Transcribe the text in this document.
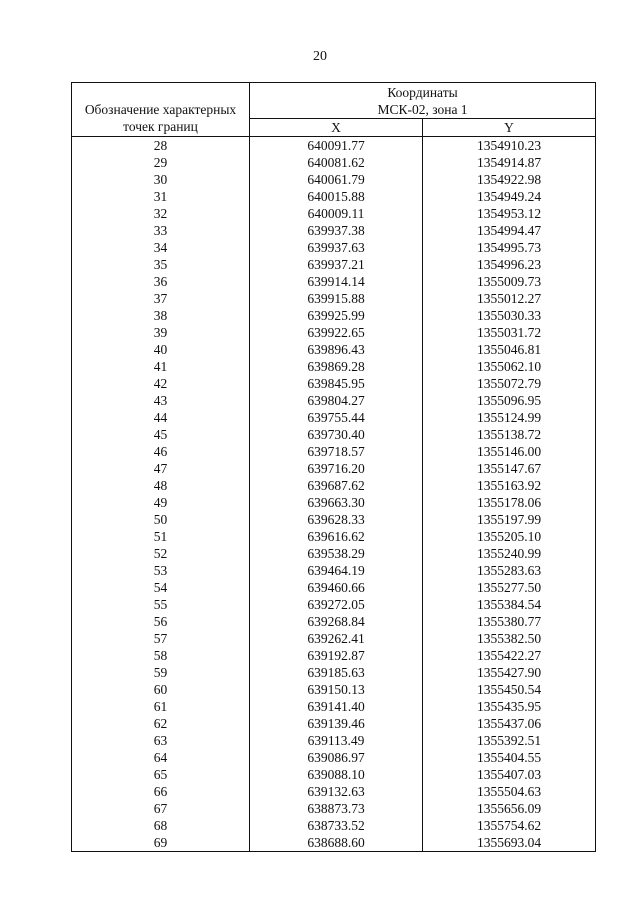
20
Обозначение характерных точек границ	Координаты
МСК-02, зона 1	

	X	Y
28	640091.77	1354910.23
29	640081.62	1354914.87
30	640061.79	1354922.98
31	640015.88	1354949.24
32	640009.11	1354953.12
33	639937.38	1354994.47
34	639937.63	1354995.73
35	639937.21	1354996.23
36	639914.14	1355009.73
37	639915.88	1355012.27
38	639925.99	1355030.33
39	639922.65	1355031.72
40	639896.43	1355046.81
41	639869.28	1355062.10
42	639845.95	1355072.79
43	639804.27	1355096.95
44	639755.44	1355124.99
45	639730.40	1355138.72
46	639718.57	1355146.00
47	639716.20	1355147.67
48	639687.62	1355163.92
49	639663.30	1355178.06
50	639628.33	1355197.99
51	639616.62	1355205.10
52	639538.29	1355240.99
53	639464.19	1355283.63
54	639460.66	1355277.50
55	639272.05	1355384.54
56	639268.84	1355380.77
57	639262.41	1355382.50
58	639192.87	1355422.27
59	639185.63	1355427.90
60	639150.13	1355450.54
61	639141.40	1355435.95
62	639139.46	1355437.06
63	639113.49	1355392.51
64	639086.97	1355404.55
65	639088.10	1355407.03
66	639132.63	1355504.63
67	638873.73	1355656.09
68	638733.52	1355754.62
69	638688.60	1355693.04
